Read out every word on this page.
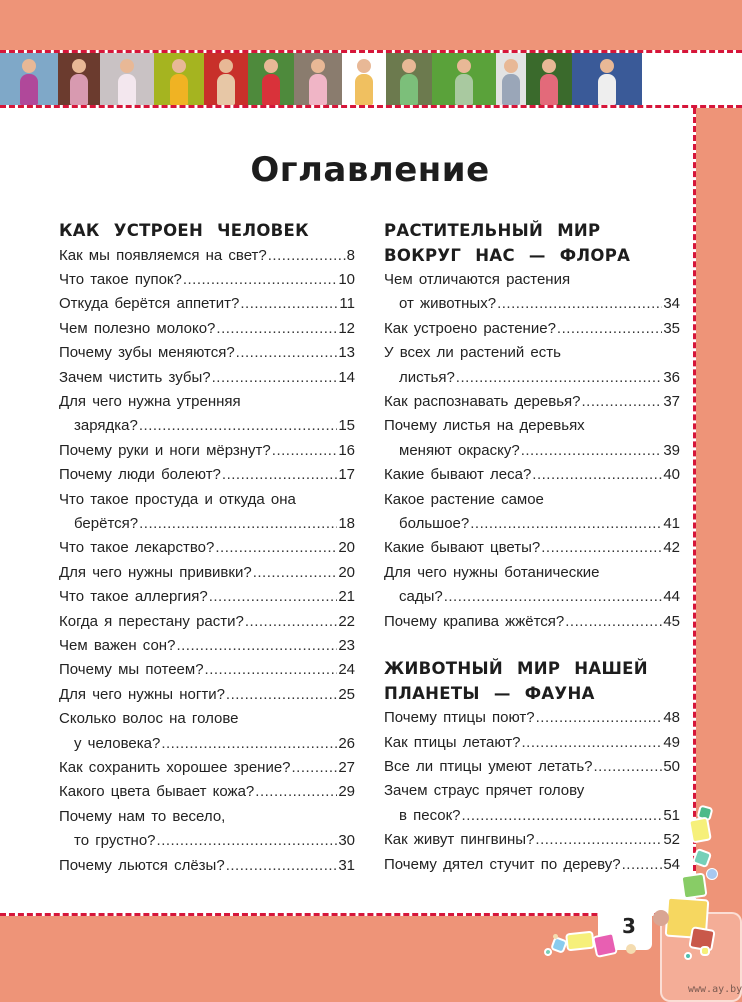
Оглавление
КАК УСТРОЕН ЧЕЛОВЕК
Как мы появляемся на свет? .....	8
Что такое пупок? .....	10
Откуда берётся аппетит? .....	11
Чем полезно молоко? .....	12
Почему зубы меняются? .....	13
Зачем чистить зубы? .....	14
Для чего нужна утренняя
зарядка? .....	15
Почему руки и ноги мёрзнут? .....	16
Почему люди болеют? .....	17
Что такое простуда и откуда она
берётся? .....	18
Что такое лекарство? .....	20
Для чего нужны прививки? .....	20
Что такое аллергия? .....	21
Когда я перестану расти? .....	22
Чем важен сон? .....	23
Почему мы потеем? .....	24
Для чего нужны ногти? .....	25
Сколько волос на голове
у человека? .....	26
Как сохранить хорошее зрение? .....	27
Какого цвета бывает кожа? .....	29
Почему нам то весело,
то грустно? .....	30
Почему льются слёзы? .....	31
РАСТИТЕЛЬНЫЙ МИР
ВОКРУГ НАС — ФЛОРА
Чем отличаются растения
от животных? .....	34
Как устроено растение? .....	35
У всех ли растений есть
листья? .....	36
Как распознавать деревья? .....	37
Почему листья на деревьях
меняют окраску? .....	39
Какие бывают леса? .....	40
Какое растение самое
большое? .....	41
Какие бывают цветы? .....	42
Для чего нужны ботанические
сады? .....	44
Почему крапива жжётся? .....	45
ЖИВОТНЫЙ МИР НАШЕЙ
ПЛАНЕТЫ — ФАУНА
Почему птицы поют? .....	48
Как птицы летают? .....	49
Все ли птицы умеют летать? .....	50
Зачем страус прячет голову
в песок? .....	51
Как живут пингвины? .....	52
Почему дятел стучит по дереву? .....	54
3
www.ay.by
